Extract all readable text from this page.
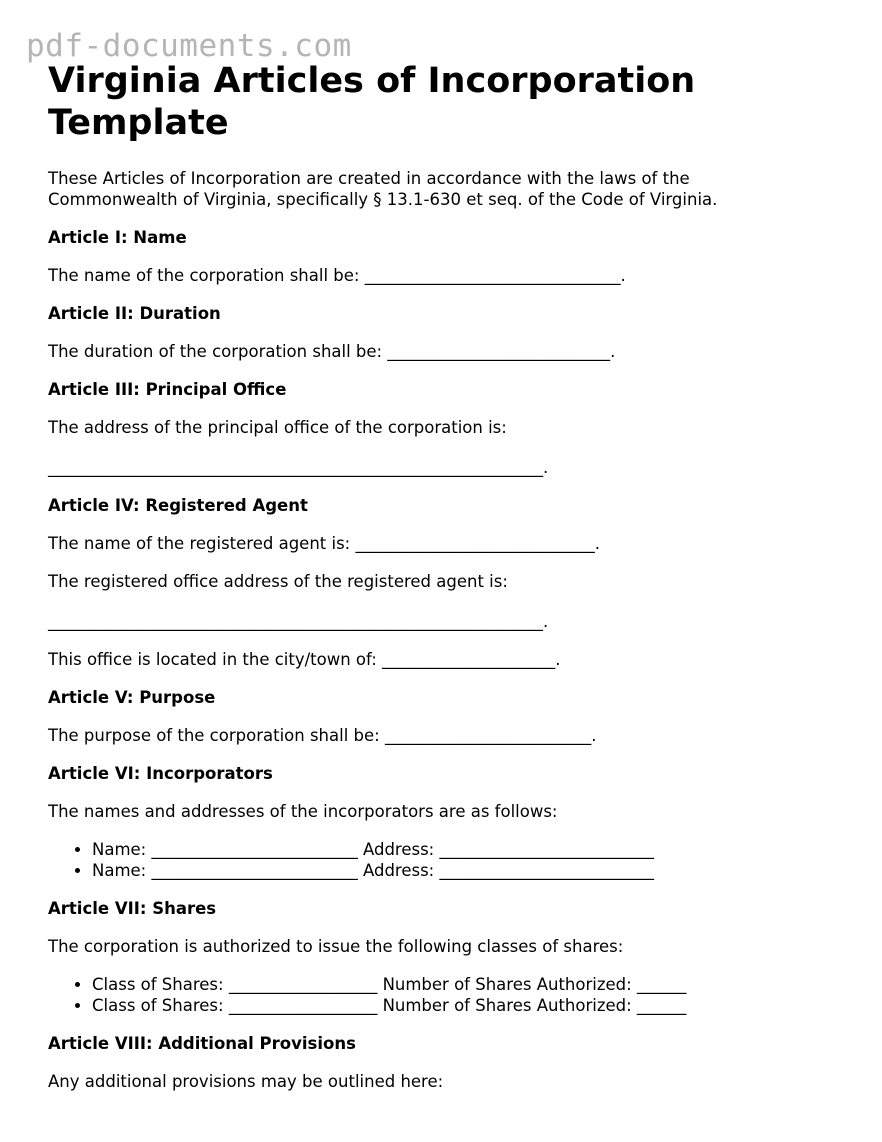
pdf-documents.com
Virginia Articles of Incorporation
Template

These Articles of Incorporation are created in accordance with the laws of the
Commonwealth of Virginia, specifically § 13.1-630 et seq. of the Code of Virginia.

Article I: Name

The name of the corporation shall be: _______________________________.

Article II: Duration

The duration of the corporation shall be: ___________________________.

Article III: Principal Office

The address of the principal office of the corporation is:

____________________________________________________________.

Article IV: Registered Agent

The name of the registered agent is: _____________________________.

The registered office address of the registered agent is:

____________________________________________________________.

This office is located in the city/town of: _____________________.

Article V: Purpose

The purpose of the corporation shall be: _________________________.

Article VI: Incorporators

The names and addresses of the incorporators are as follows:

• Name: _________________________ Address: __________________________
• Name: _________________________ Address: __________________________

Article VII: Shares

The corporation is authorized to issue the following classes of shares:

• Class of Shares: __________________ Number of Shares Authorized: ______
• Class of Shares: __________________ Number of Shares Authorized: ______

Article VIII: Additional Provisions

Any additional provisions may be outlined here:
